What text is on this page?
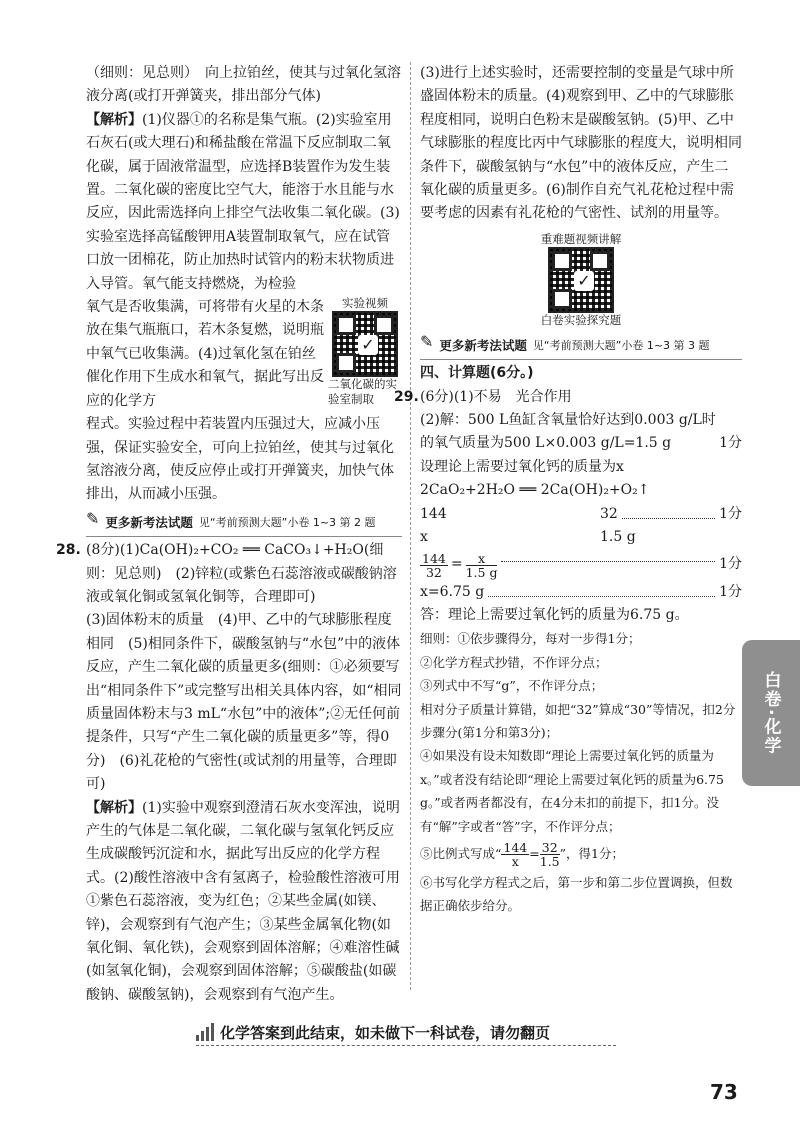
（细则：见总则）　向上拉铂丝，使其与过氧化氢溶液分离(或打开弹簧夹，排出部分气体)

【解析】(1)仪器①的名称是集气瓶。(2)实验室用石灰石(或大理石)和稀盐酸在常温下反应制取二氧化碳，属于固液常温型，应选择B装置作为发生装置。二氧化碳的密度比空气大，能溶于水且能与水反应，因此需选择向上排空气法收集二氧化碳。(3)实验室选择高锰酸钾用A装置制取氧气，应在试管口放一团棉花，防止加热时试管内的粉末状物质进入导管。氧气能支持燃烧，为检验

氧气是否收集满，可将带有火星的木条放在集气瓶瓶口，若木条复燃，说明瓶中氧气已收集满。(4)过氧化氢在铂丝催化作用下生成水和氧气，据此写出反应的化学方

实验视频
✓
二氧化碳的实验室制取

程式。实验过程中若装置内压强过大，应减小压强，保证实验安全，可向上拉铂丝，使其与过氧化氢溶液分离，使反应停止或打开弹簧夹，加快气体排出，从而减小压强。

✎ 更多新考法试题 见“考前预测大题”小卷 1~3 第 2 题
28. (8分)(1)Ca(OH)₂+CO₂ ══ CaCO₃↓+H₂O(细则：见总则)　(2)锌粒(或紫色石蕊溶液或碳酸钠溶液或氧化铜或氢氧化铜等，合理即可)

(3)固体粉末的质量　(4)甲、乙中的气球膨胀程度相同　(5)相同条件下，碳酸氢钠与“水包”中的液体反应，产生二氧化碳的质量更多(细则：①必须要写出“相同条件下”或完整写出相关具体内容，如“相同质量固体粉末与3 mL“水包”中的液体”;②无任何前提条件，只写“产生二氧化碳的质量更多”等，得0分)　(6)礼花枪的气密性(或试剂的用量等，合理即可)

【解析】(1)实验中观察到澄清石灰水变浑浊，说明产生的气体是二氧化碳，二氧化碳与氢氧化钙反应生成碳酸钙沉淀和水，据此写出反应的化学方程式。(2)酸性溶液中含有氢离子，检验酸性溶液可用①紫色石蕊溶液，变为红色；②某些金属(如镁、锌)，会观察到有气泡产生；③某些金属氧化物(如氧化铜、氧化铁)，会观察到固体溶解；④难溶性碱(如氢氧化铜)，会观察到固体溶解；⑤碳酸盐(如碳酸钠、碳酸氢钠)，会观察到有气泡产生。

(3)进行上述实验时，还需要控制的变量是气球中所盛固体粉末的质量。(4)观察到甲、乙中的气球膨胀程度相同，说明白色粉末是碳酸氢钠。(5)甲、乙中气球膨胀的程度比丙中气球膨胀的程度大，说明相同条件下，碳酸氢钠与“水包”中的液体反应，产生二氧化碳的质量更多。(6)制作自充气礼花枪过程中需要考虑的因素有礼花枪的气密性、试剂的用量等。

重难题视频讲解
✓
白卷实验探究题
✎ 更多新考法试题 见“考前预测大题”小卷 1~3 第 3 题

四、计算题(6分。)

29. (6分)(1)不易　光合作用

(2)解：500 L鱼缸含氧量恰好达到0.003 g/L时的氧气质量为500 L×0.003 g/L=1.5 g	1分

设理论上需要过氧化钙的质量为x

2CaO₂+2H₂O ══ 2Ca(OH)₂+O₂↑

144	32	1分
x	1.5 g
$\frac{144}{32} = \frac{x}{1.5 g}$	1分
x=6.75 g	1分

答：理论上需要过氧化钙的质量为6.75 g。

细则：①依步骤得分，每对一步得1分；

②化学方程式抄错，不作评分点；

③列式中不写“g”，不作评分点；

相对分子质量计算错，如把“32”算成“30”等情况，扣2分步骤分(第1分和第3分)；

④如果没有设未知数即“理论上需要过氧化钙的质量为x。”或者没有结论即“理论上需要过氧化钙的质量为6.75 g。”或者两者都没有，在4分未扣的前提下，扣1分。没有“解”字或者“答”字，不作评分点；

⑤比例式写成“ $\frac{144}{x} = \frac{32}{1.5}$ ”，得1分；

⑥书写化学方程式之后，第一步和第二步位置调换，但数据正确依步给分。

白卷·化学
化学答案到此结束，如未做下一科试卷，请勿翻页
73
